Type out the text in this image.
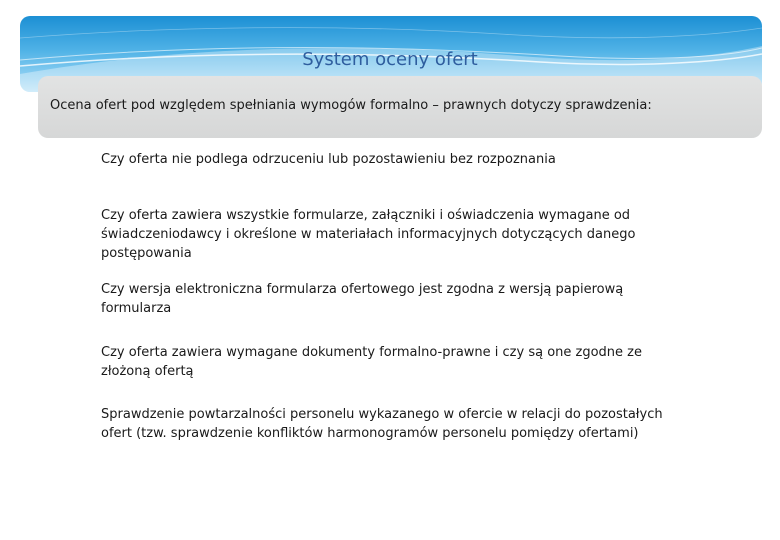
System oceny ofert
Ocena ofert pod względem spełniania wymogów formalno – prawnych dotyczy sprawdzenia:
Czy oferta nie podlega odrzuceniu lub pozostawieniu bez rozpoznania
Czy oferta zawiera wszystkie formularze, załączniki i oświadczenia wymagane od świadczeniodawcy i określone w materiałach informacyjnych dotyczących danego postępowania
Czy wersja elektroniczna formularza ofertowego jest zgodna z wersją papierową formularza
Czy oferta zawiera wymagane dokumenty formalno-prawne i czy są one zgodne ze złożoną ofertą
Sprawdzenie powtarzalności personelu wykazanego w ofercie w relacji do pozostałych ofert (tzw. sprawdzenie konfliktów harmonogramów personelu pomiędzy ofertami)
